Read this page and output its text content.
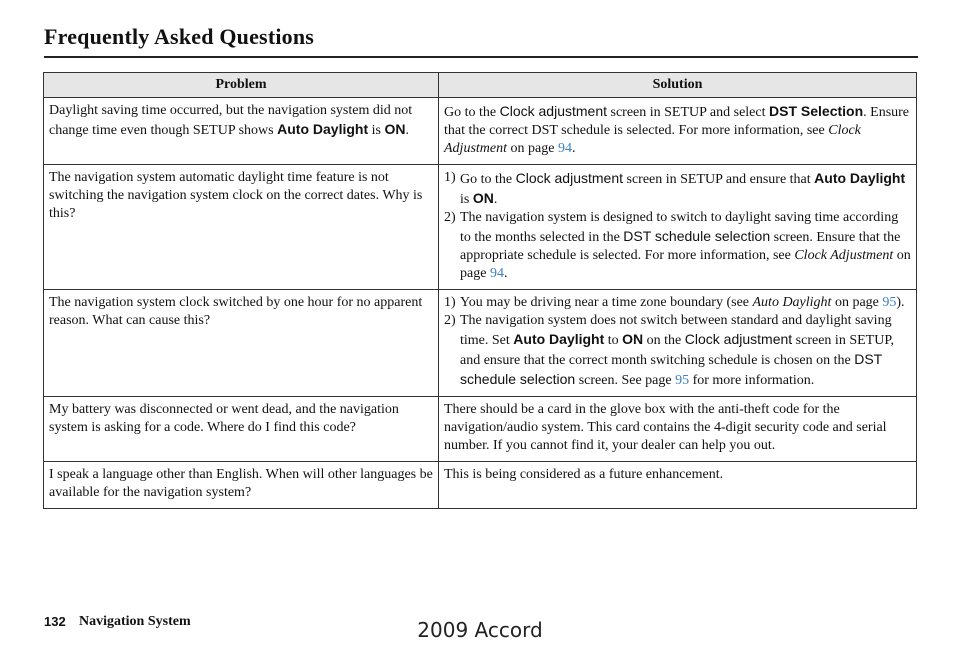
Frequently Asked Questions
Problem	Solution
Daylight saving time occurred, but the navigation system did not change time even though SETUP shows Auto Daylight is ON.	Go to the Clock adjustment screen in SETUP and select DST Selection. Ensure that the correct DST schedule is selected. For more information, see Clock Adjustment on page 94.
The navigation system automatic daylight time feature is not switching the navigation system clock on the correct dates. Why is this?	1) Go to the Clock adjustment screen in SETUP and ensure that Auto Daylight is ON.
2) The navigation system is designed to switch to daylight saving time according to the months selected in the DST schedule selection screen. Ensure that the appropriate schedule is selected. For more information, see Clock Adjustment on page 94.

The navigation system clock switched by one hour for no apparent reason. What can cause this?	1) You may be driving near a time zone boundary (see Auto Daylight on page 95).
2) The navigation system does not switch between standard and daylight saving time. Set Auto Daylight to ON on the Clock adjustment screen in SETUP, and ensure that the correct month switching schedule is chosen on the DST schedule selection screen. See page 95 for more information.

My battery was disconnected or went dead, and the navigation system is asking for a code. Where do I find this code?	There should be a card in the glove box with the anti-theft code for the navigation/audio system. This card contains the 4-digit security code and serial number. If you cannot find it, your dealer can help you out.
I speak a language other than English. When will other languages be available for the navigation system?	This is being considered as a future enhancement.
132 Navigation System	2009 Accord
